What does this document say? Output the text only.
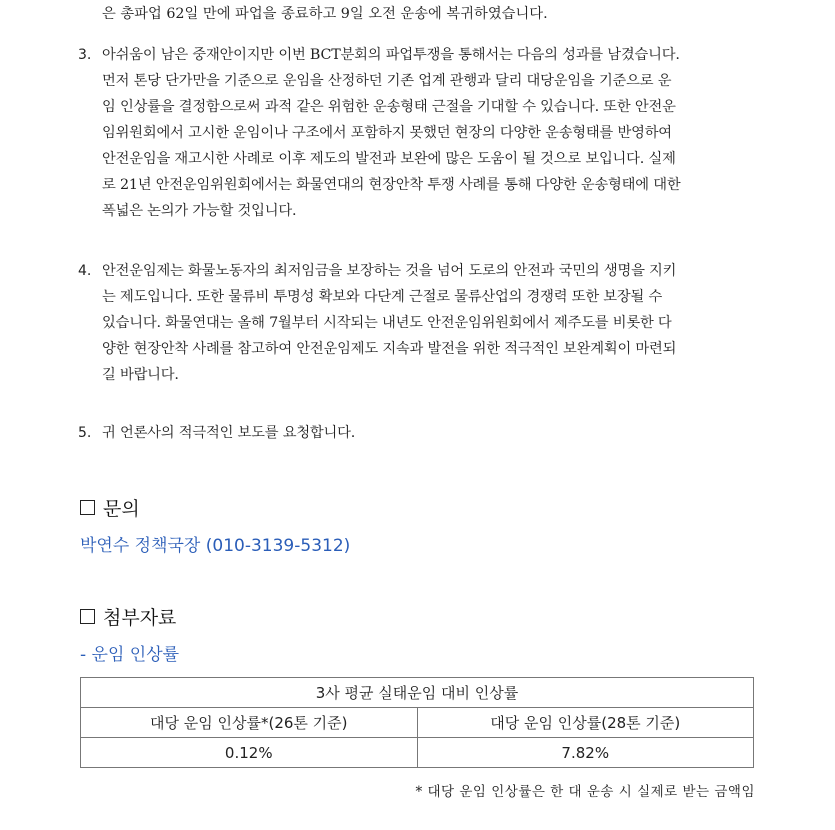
은 총파업 62일 만에 파업을 종료하고 9일 오전 운송에 복귀하였습니다.
3. 아쉬움이 남은 중재안이지만 이번 BCT분회의 파업투쟁을 통해서는 다음의 성과를 남겼습니다.
먼저 톤당 단가만을 기준으로 운임을 산정하던 기존 업계 관행과 달리 대당운임을 기준으로 운
임 인상률을 결정함으로써 과적 같은 위험한 운송형태 근절을 기대할 수 있습니다. 또한 안전운
임위원회에서 고시한 운임이나 구조에서 포함하지 못했던 현장의 다양한 운송형태를 반영하여
안전운임을 재고시한 사례로 이후 제도의 발전과 보완에 많은 도움이 될 것으로 보입니다. 실제
로 21년 안전운임위원회에서는 화물연대의 현장안착 투쟁 사례를 통해 다양한 운송형태에 대한
폭넓은 논의가 가능할 것입니다.
4. 안전운임제는 화물노동자의 최저임금을 보장하는 것을 넘어 도로의 안전과 국민의 생명을 지키
는 제도입니다. 또한 물류비 투명성 확보와 다단계 근절로 물류산업의 경쟁력 또한 보장될 수
있습니다. 화물연대는 올해 7월부터 시작되는 내년도 안전운임위원회에서 제주도를 비롯한 다
양한 현장안착 사례를 참고하여 안전운임제도 지속과 발전을 위한 적극적인 보완계획이 마련되
길 바랍니다.
5. 귀 언론사의 적극적인 보도를 요청합니다.
문의
박연수 정책국장 (010-3139-5312)
첨부자료
- 운임 인상률
3사 평균 실태운임 대비 인상률	
대당 운임 인상률*(26톤 기준)	대당 운임 인상률(28톤 기준)
0.12%	7.82%
* 대당 운임 인상률은 한 대 운송 시 실제로 받는 금액임
